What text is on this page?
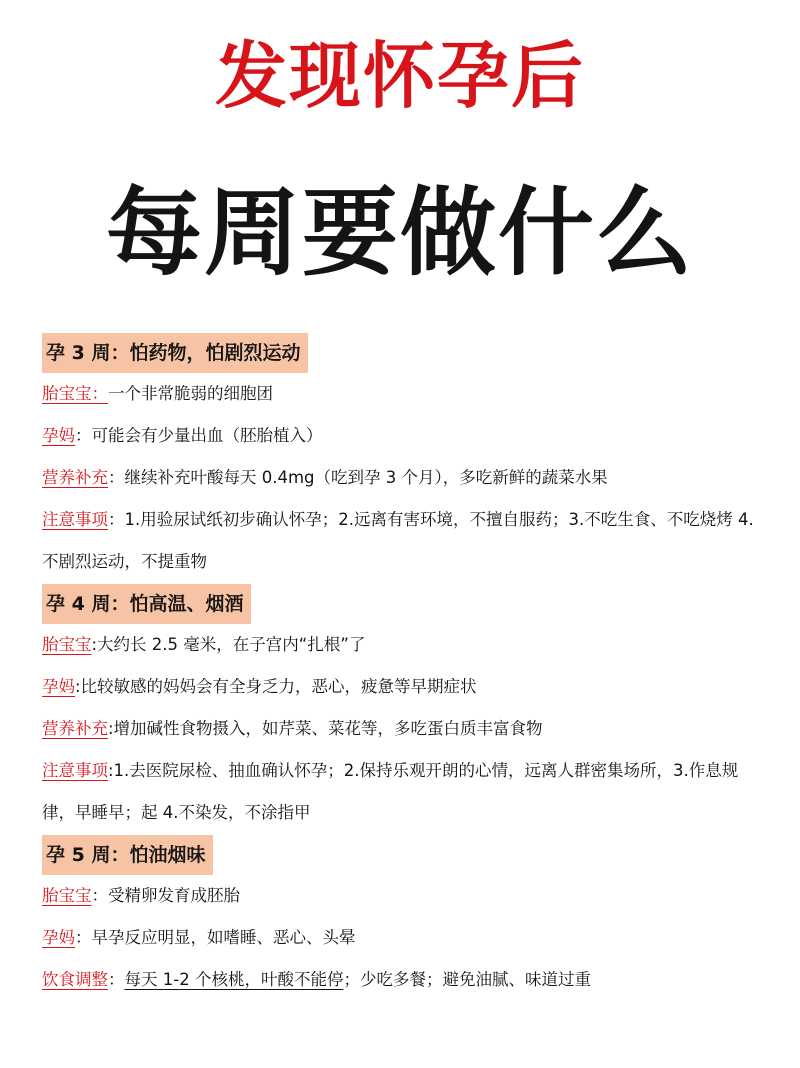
发现怀孕后
每周要做什么
孕 3 周：怕药物，怕剧烈运动
胎宝宝：一个非常脆弱的细胞团
孕妈：可能会有少量出血（胚胎植入）
营养补充：继续补充叶酸每天 0.4mg（吃到孕 3 个月），多吃新鲜的蔬菜水果
注意事项：1.用验尿试纸初步确认怀孕；2.远离有害环境，不擅自服药；3.不吃生食、不吃烧烤 4.不剧烈运动，不提重物
孕 4 周：怕高温、烟酒
胎宝宝:大约长 2.5 毫米，在子宫内“扎根”了
孕妈:比较敏感的妈妈会有全身乏力，恶心，疲惫等早期症状
营养补充:增加碱性食物摄入，如芹菜、菜花等，多吃蛋白质丰富食物
注意事项:1.去医院尿检、抽血确认怀孕；2.保持乐观开朗的心情，远离人群密集场所，3.作息规律，早睡早；起 4.不染发，不涂指甲
孕 5 周：怕油烟味
胎宝宝：受精卵发育成胚胎
孕妈：早孕反应明显，如嗜睡、恶心、头晕
饮食调整：每天 1-2 个核桃，叶酸不能停；少吃多餐；避免油腻、味道过重
